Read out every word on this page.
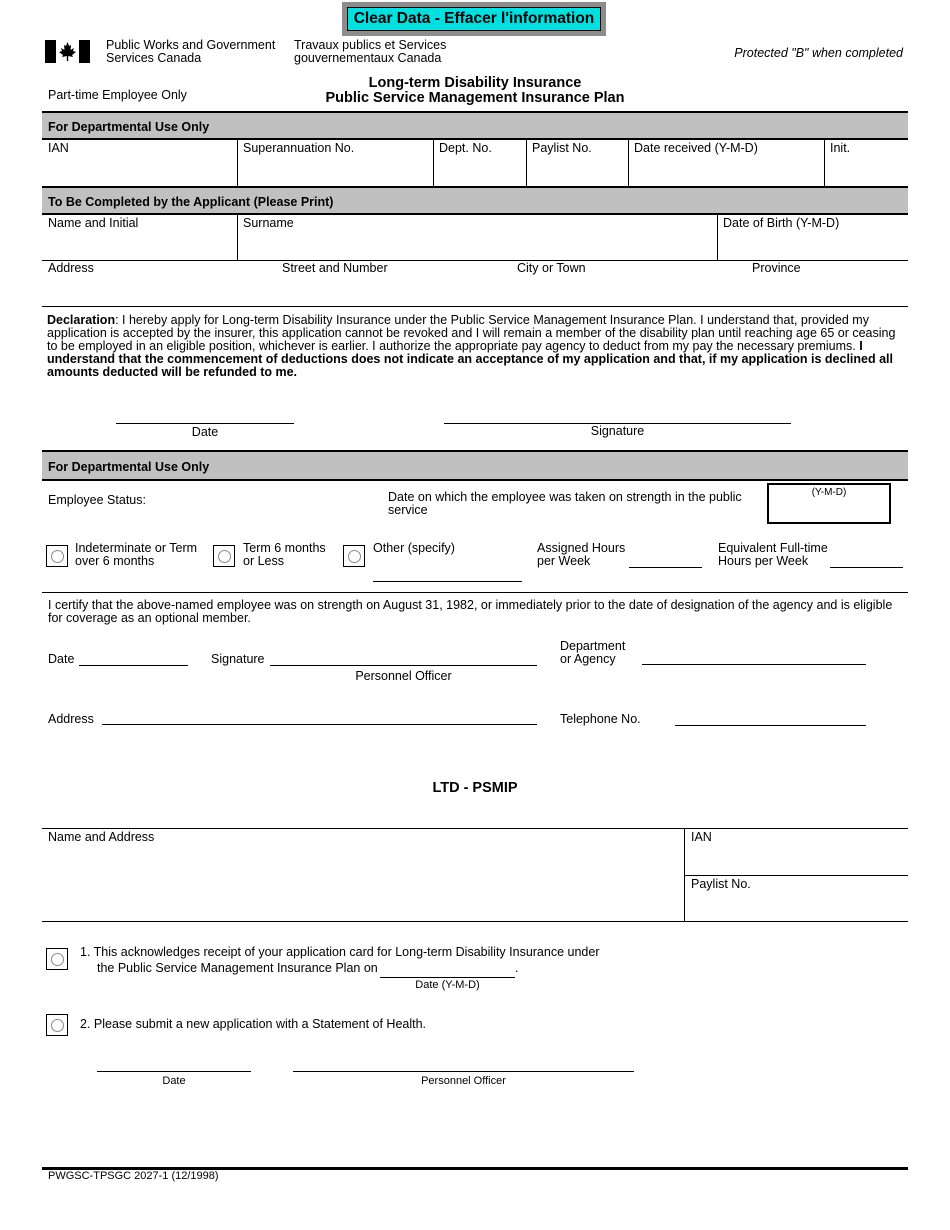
Clear Data - Effacer l'information
Public Works and Government
Services Canada
Travaux publics et Services
gouvernementaux Canada	Protected "B" when completed
Part-time Employee Only
Long-term Disability Insurance
Public Service Management Insurance Plan
For Departmental Use Only
IAN	Superannuation No.	Dept. No.	Paylist No.	Date received (Y-M-D)	Init.
To Be Completed by the Applicant (Please Print)
Name and Initial	Surname	Date of Birth (Y-M-D)
Address	Street and Number	City or Town	Province
Declaration: I hereby apply for Long-term Disability Insurance under the Public Service Management Insurance Plan. I understand that, provided my application is accepted by the insurer, this application cannot be revoked and I will remain a member of the disability plan until reaching age 65 or ceasing to be employed in an eligible position, whichever is earlier. I authorize the appropriate pay agency to deduct from my pay the necessary premiums. I understand that the commencement of deductions does not indicate an acceptance of my application and that, if my application is declined all amounts deducted will be refunded to me.
Date	Signature
For Departmental Use Only
Employee Status:	Date on which the employee was taken on strength in the public
service
(Y-M-D)
Indeterminate or Term
over 6 months
Term 6 months
or Less
Other (specify)	Assigned Hours
per Week
Equivalent Full-time
Hours per Week
I certify that the above-named employee was on strength on August 31, 1982, or immediately prior to the date of designation of the agency and is eligible for coverage as an optional member.
Date	Signature
Personnel Officer
Department
or Agency
Address	Telephone No.
LTD - PSMIP
Name and Address	IAN
Paylist No.
1. This acknowledges receipt of your application card for Long-term Disability Insurance under
the Public Service Management Insurance Plan on	.
Date (Y-M-D)
2. Please submit a new application with a Statement of Health.
Date	Personnel Officer
PWGSC-TPSGC 2027-1 (12/1998)
